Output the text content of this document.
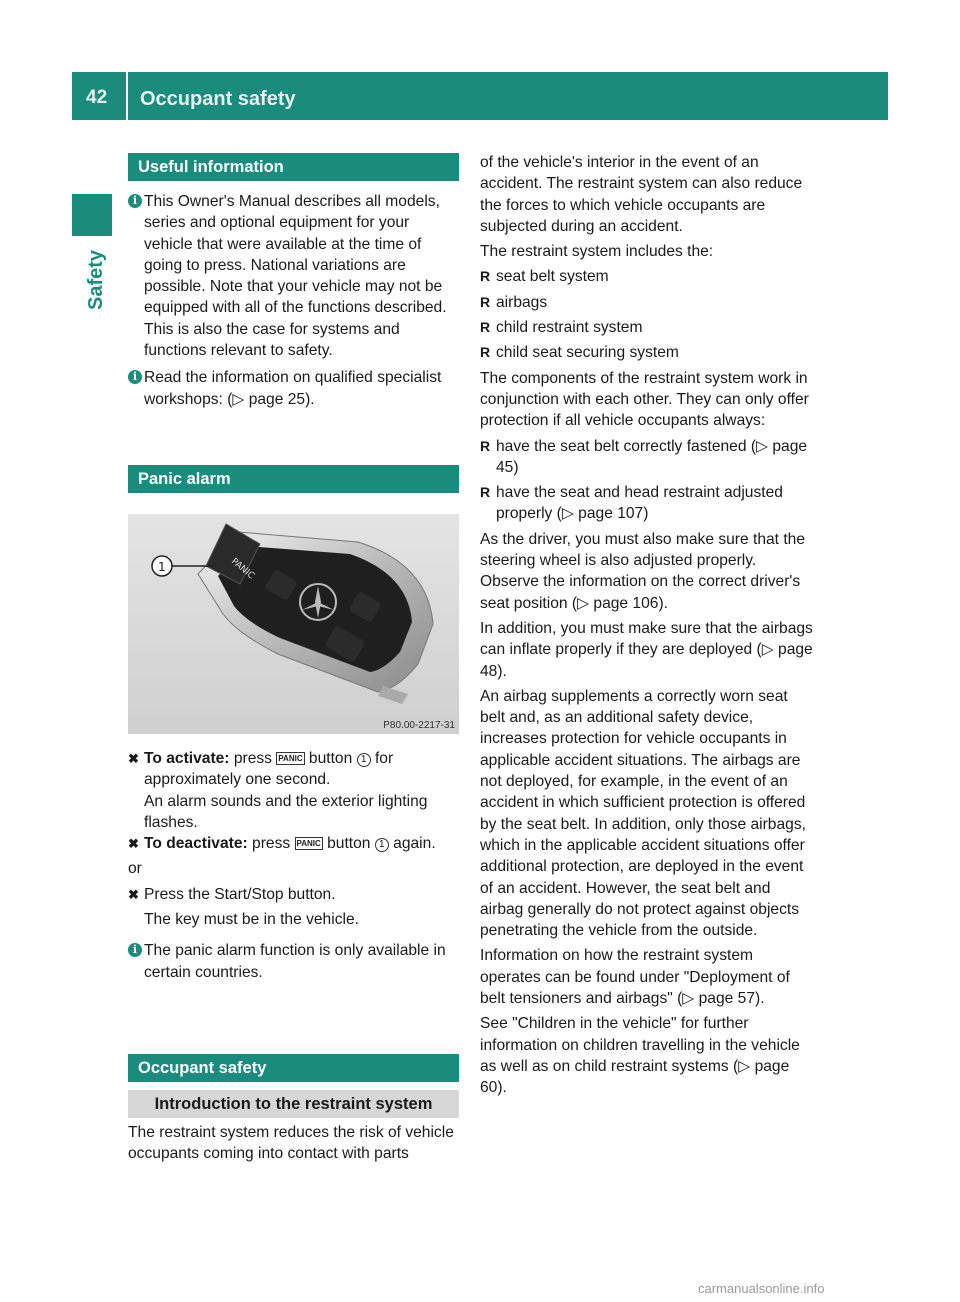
42 Occupant safety
Safety
Useful information
i This Owner's Manual describes all models, series and optional equipment for your vehicle that were available at the time of going to press. National variations are possible. Note that your vehicle may not be equipped with all of the functions described. This is also the case for systems and functions relevant to safety.
i Read the information on qualified specialist workshops: (▷ page 25).
Panic alarm
PANIC
1
P80.00-2217-31
✖ To activate: press PANIC button 1 for approximately one second.
An alarm sounds and the exterior lighting flashes.
✖ To deactivate: press PANIC button 1 again.
or
✖ Press the Start/Stop button.
The key must be in the vehicle.
i The panic alarm function is only available in certain countries.
Occupant safety
Introduction to the restraint system
The restraint system reduces the risk of vehicle occupants coming into contact with parts
of the vehicle's interior in the event of an accident. The restraint system can also reduce the forces to which vehicle occupants are subjected during an accident.
The restraint system includes the:
R seat belt system
R airbags
R child restraint system
R child seat securing system
The components of the restraint system work in conjunction with each other. They can only offer protection if all vehicle occupants always:
R have the seat belt correctly fastened (▷ page 45)
R have the seat and head restraint adjusted properly (▷ page 107)
As the driver, you must also make sure that the steering wheel is also adjusted properly. Observe the information on the correct driver's seat position (▷ page 106).
In addition, you must make sure that the airbags can inflate properly if they are deployed (▷ page 48).
An airbag supplements a correctly worn seat belt and, as an additional safety device, increases protection for vehicle occupants in applicable accident situations. The airbags are not deployed, for example, in the event of an accident in which sufficient protection is offered by the seat belt. In addition, only those airbags, which in the applicable accident situations offer additional protection, are deployed in the event of an accident. However, the seat belt and airbag generally do not protect against objects penetrating the vehicle from the outside.
Information on how the restraint system operates can be found under "Deployment of belt tensioners and airbags" (▷ page 57).
See "Children in the vehicle" for further information on children travelling in the vehicle as well as on child restraint systems (▷ page 60).
carmanualsonline.info
